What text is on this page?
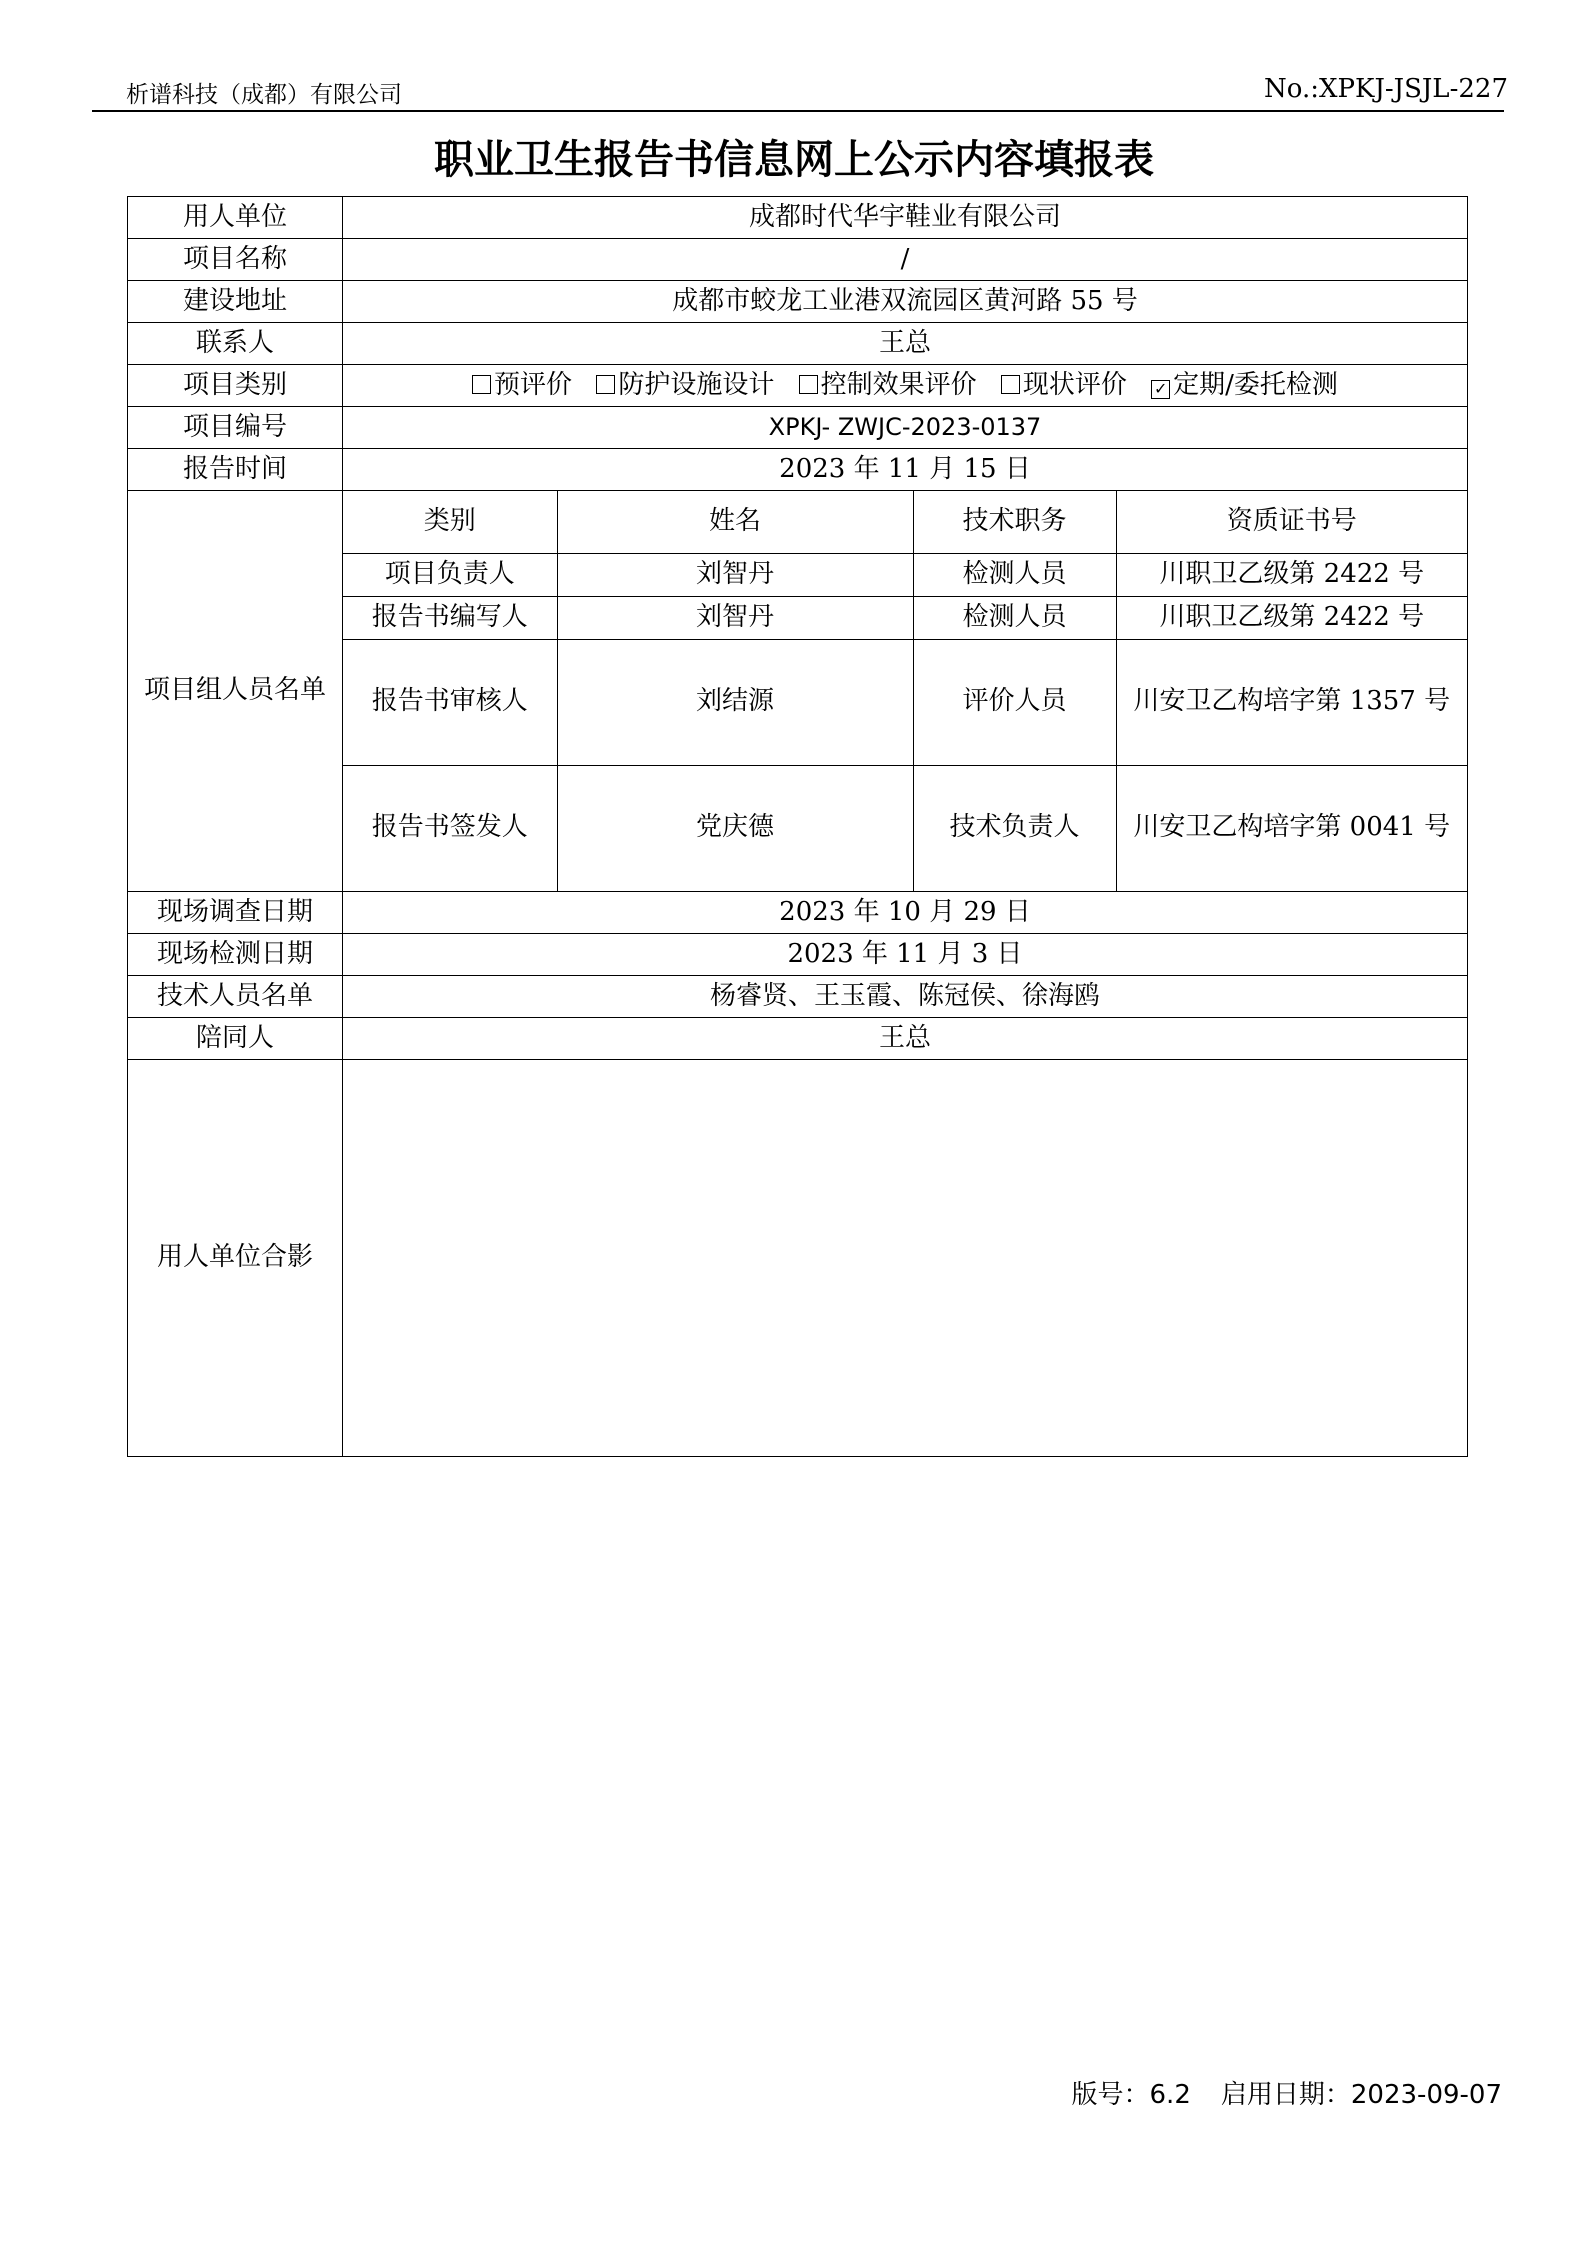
析谱科技（成都）有限公司	No.:XPKJ-JSJL-227
职业卫生报告书信息网上公示内容填报表
用人单位	成都时代华宇鞋业有限公司
项目名称	/
建设地址	成都市蛟龙工业港双流园区黄河路 55 号
联系人	王总
项目类别	预评价 防护设施设计 控制效果评价 现状评价 ✓ 定期/委托检测
项目编号	XPKJ- ZWJC-2023-0137
报告时间	2023 年 11 月 15 日
项目组人员名单	
类别	姓名	技术职务	资质证书号
项目负责人	刘智丹	检测人员	川职卫乙级第 2422 号
报告书编写人	刘智丹	检测人员	川职卫乙级第 2422 号
报告书审核人	刘结源	评价人员	川安卫乙构培字第 1357 号
报告书签发人	党庆德	技术负责人	川安卫乙构培字第 0041 号

现场调查日期	2023 年 10 月 29 日
现场检测日期	2023 年 11 月 3 日
技术人员名单	杨睿贤、王玉霞、陈冠侯、徐海鸥
陪同人	王总
用人单位合影	
版号：6.2 启用日期：2023-09-07
